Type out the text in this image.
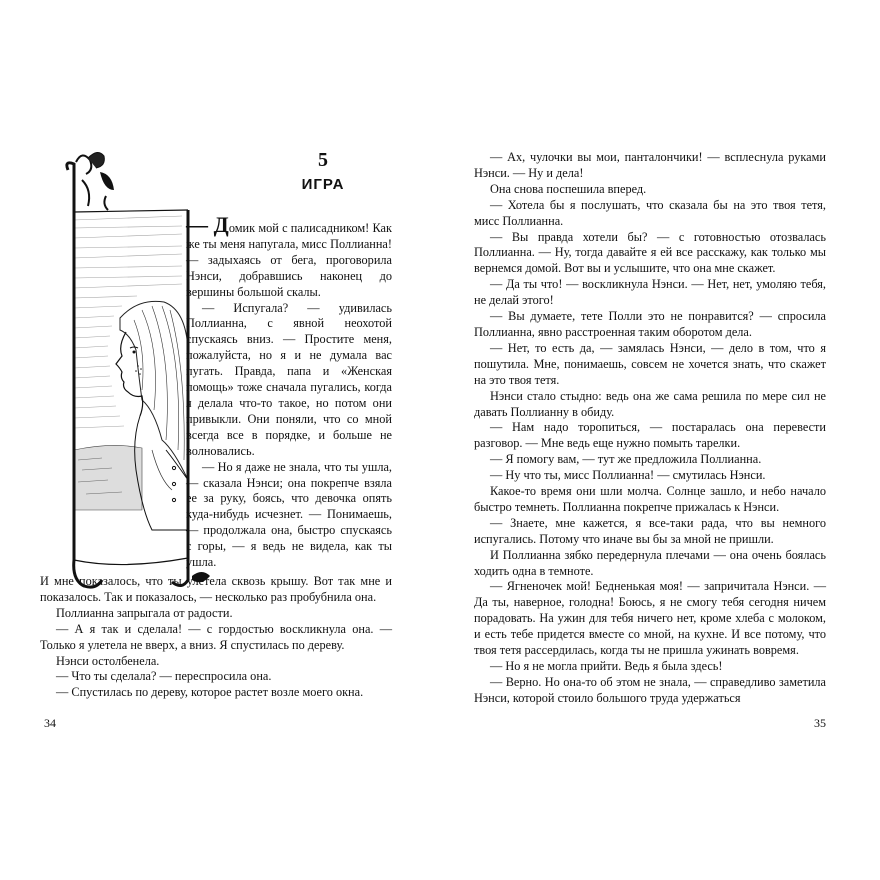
5
ИГРА

— Домик мой с палисадником! Как же ты меня напугала, мисс Поллианна! — задыхаясь от бега, проговорила Нэнси, добравшись наконец до вершины большой скалы.

— Испугала? — удивилась Поллианна, с явной неохотой спускаясь вниз. — Простите меня, пожалуйста, но я и не думала вас пугать. Правда, папа и «Женская помощь» тоже сначала пугались, когда я делала что-то такое, но потом они привыкли. Они поняли, что со мной всегда все в порядке, и больше не волновались.

— Но я даже не знала, что ты ушла, — сказала Нэнси; она покрепче взяла ее за руку, боясь, что девочка опять куда-нибудь исчезнет. — Понимаешь, — продолжала она, быстро спускаясь с горы, — я ведь не видела, как ты ушла.

И мне показалось, что ты улетела сквозь крышу. Вот так мне и показалось. Так и показалось, — несколько раз пробубнила она.

Поллианна запрыгала от радости.

— А я так и сделала! — с гордостью воскликнула она. — Только я улетела не вверх, а вниз. Я спустилась по дереву.

Нэнси остолбенела.

— Что ты сделала? — переспросила она.

— Спустилась по дереву, которое растет возле моего окна.

34

— Ах, чулочки вы мои, панталончики! — всплеснула руками Нэнси. — Ну и дела!

Она снова поспешила вперед.

— Хотела бы я послушать, что сказала бы на это твоя тетя, мисс Поллианна.

— Вы правда хотели бы? — с готовностью отозвалась Поллианна. — Ну, тогда давайте я ей все расскажу, как только мы вернемся домой. Вот вы и услышите, что она мне скажет.

— Да ты что! — воскликнула Нэнси. — Нет, нет, умоляю тебя, не делай этого!

— Вы думаете, тете Полли это не понравится? — спросила Поллианна, явно расстроенная таким оборотом дела.

— Нет, то есть да, — замялась Нэнси, — дело в том, что я пошутила. Мне, понимаешь, совсем не хочется знать, что скажет на это твоя тетя.

Нэнси стало стыдно: ведь она же сама решила по мере сил не давать Поллианну в обиду.

— Нам надо торопиться, — постаралась она перевести разговор. — Мне ведь еще нужно помыть тарелки.

— Я помогу вам, — тут же предложила Поллианна.

— Ну что ты, мисс Поллианна! — смутилась Нэнси.

Какое-то время они шли молча. Солнце зашло, и небо начало быстро темнеть. Поллианна покрепче прижалась к Нэнси.

— Знаете, мне кажется, я все-таки рада, что вы немного испугались. Потому что иначе вы бы за мной не пришли.

И Поллианна зябко передернула плечами — она очень боялась ходить одна в темноте.

— Ягненочек мой! Бедненькая моя! — запричитала Нэнси. — Да ты, наверное, голодна! Боюсь, я не смогу тебя сегодня ничем порадовать. На ужин для тебя ничего нет, кроме хлеба с молоком, и есть тебе придется вместе со мной, на кухне. И все потому, что твоя тетя рассердилась, когда ты не пришла ужинать вовремя.

— Но я не могла прийти. Ведь я была здесь!

— Верно. Но она-то об этом не знала, — справедливо заметила Нэнси, которой стоило большого труда удержаться

35
